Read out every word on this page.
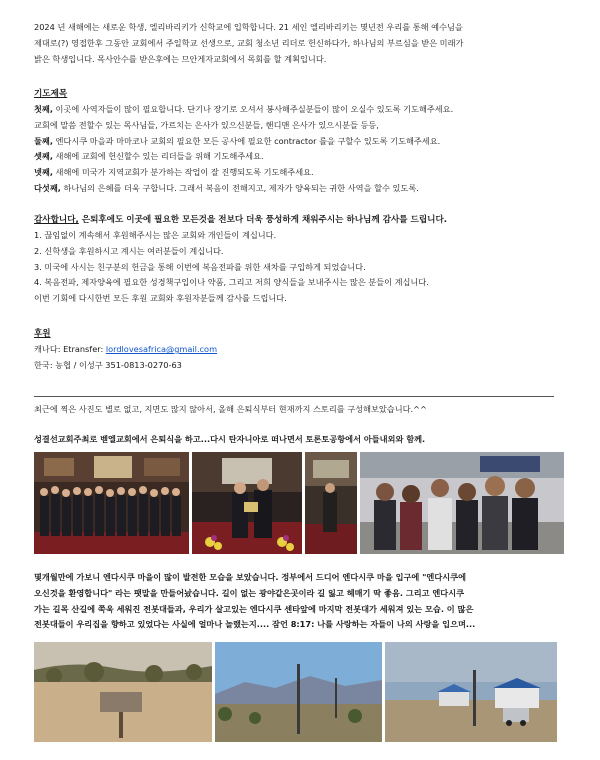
2024 년 새해에는 새로운 학생, 엘리바리키가 신학교에 입학합니다. 21 세인 엘리바리키는 몇년전 우리를 통해 예수님을

제대로(?) 영접한후 그동안 교회에서 주일학교 선생으로, 교회 청소년 리더로 헌신하다가, 하나님의 부르심을 받은 미래가

밝은 학생입니다. 목사안수를 받은후에는 므안게자교회에서 목회를 할 계획입니다.

기도제목

첫째, 이곳에 사역자들이 많이 필요합니다. 단기나 장기로 오셔서 봉사해주실분들이 많이 오실수 있도록 기도해주세요.

교회에 말씀 전할수 있는 목사님들, 가르치는 은사가 있으신분들, 핸디맨 은사가 있으시분들 등등,

둘째, 엔다시쿠 마을과 마마코나 교회의 필요한 모든 공사에 필요한 contractor 를을 구할수 있도록 기도해주세요.

셋째, 새해에 교회에 헌신할수 있는 리더들을 위해 기도해주세요.

넷째, 새해에 미국가 지역교회가 분가하는 작업이 잘 진행되도록 기도해주세요.

다섯째, 하나님의 은혜를 더욱 구합니다. 그래서 복음이 전해지고, 제자가 양육되는 귀한 사역을 할수 있도록.

감사합니다, 은퇴후에도 이곳에 필요한 모든것을 전보다 더욱 풍성하게 채워주시는 하나님께 감사를 드립니다.

1. 끊임없이 계속해서 후원해주시는 많은 교회와 개인들이 계십니다.

2. 신학생을 후원하시고 계시는 여러분들이 계십니다.

3. 미국에 사시는 친구분의 헌금을 통해 이번에 복음전파를 위한 새차를 구입하게 되었습니다.

4. 복음전파, 제자양육에 필요한 성경책구입이나 약품, 그리고 저희 양식들을 보내주시는 많은 분들이 계십니다.

이번 기회에 다시한번 모든 후원 교회와 후원자분들께 감사를 드립니다.

후원

캐나다: Etransfer: lordlovesafrica@gmail.com

한국: 농협 / 이성구 351-0813-0270-63

최근에 찍은 사진도 별로 없고, 지면도 많지 않아서, 올해 은퇴식부터 현재까지 스토리를 구성해보았습니다.^^

성결선교회주최로 벧엘교회에서 은퇴식을 하고...다시 탄자니아로 떠나면서 토론토공항에서 아들내외와 함께.

몇개월만에 가보니 엔다시쿠 마을이 많이 발전한 모습을 보았습니다. 정부에서 드디어 엔다시쿠 마을 입구에 "엔다시쿠에

오신것을 환영합니다" 라는 팻말을 만들어놨습니다. 길이 없는 광야같은곳이라 길 잃고 헤매기 딱 좋음. 그리고 엔다시쿠

가는 길목 산길에 쭉욱 세워진 전봇대들과, 우리가 살고있는 엔다시쿠 센타앞에 마지막 전봇대가 세워져 있는 모습. 이 많은

전봇대들이 우리집을 향하고 있었다는 사실에 얼마나 놀랬는지.... 잠언 8:17: 나를 사랑하는 자들이 나의 사랑을 입으며...
